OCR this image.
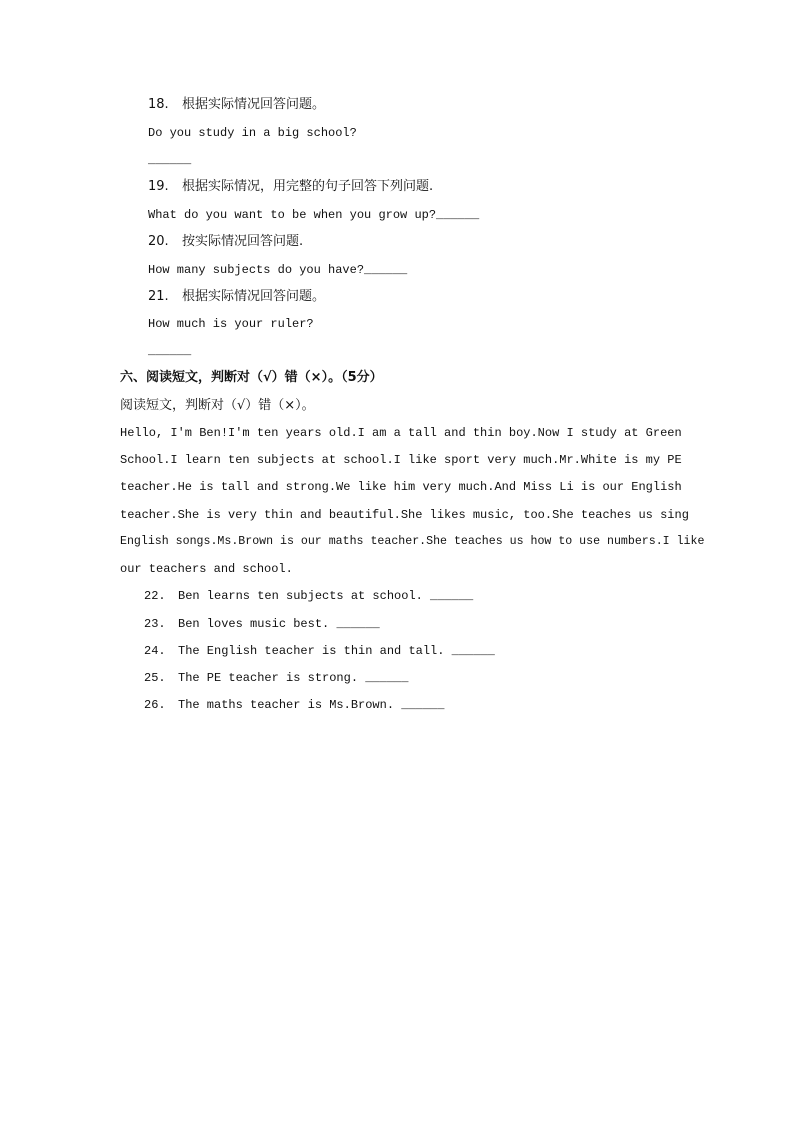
18. 根据实际情况回答问题。
Do you study in a big school?
______
19. 根据实际情况，用完整的句子回答下列问题.
What do you want to be when you grow up?______
20. 按实际情况回答问题.
How many subjects do you have?______
21. 根据实际情况回答问题。
How much is your ruler?
______
六、阅读短文，判断对（√）错（×）。（5分）
阅读短文，判断对（√）错（×）。
Hello, I'm Ben!I'm ten years old.I am a tall and thin boy.Now I study at Green
School.I learn ten subjects at school.I like sport very much.Mr.White is my PE
teacher.He is tall and strong.We like him very much.And Miss Li is our English
teacher.She is very thin and beautiful.She likes music, too.She teaches us sing
English songs.Ms.Brown is our maths teacher.She teaches us how to use numbers.I like
our teachers and school.
22. Ben learns ten subjects at school. ______
23. Ben loves music best. ______
24. The English teacher is thin and tall. ______
25. The PE teacher is strong. ______
26. The maths teacher is Ms.Brown. ______
